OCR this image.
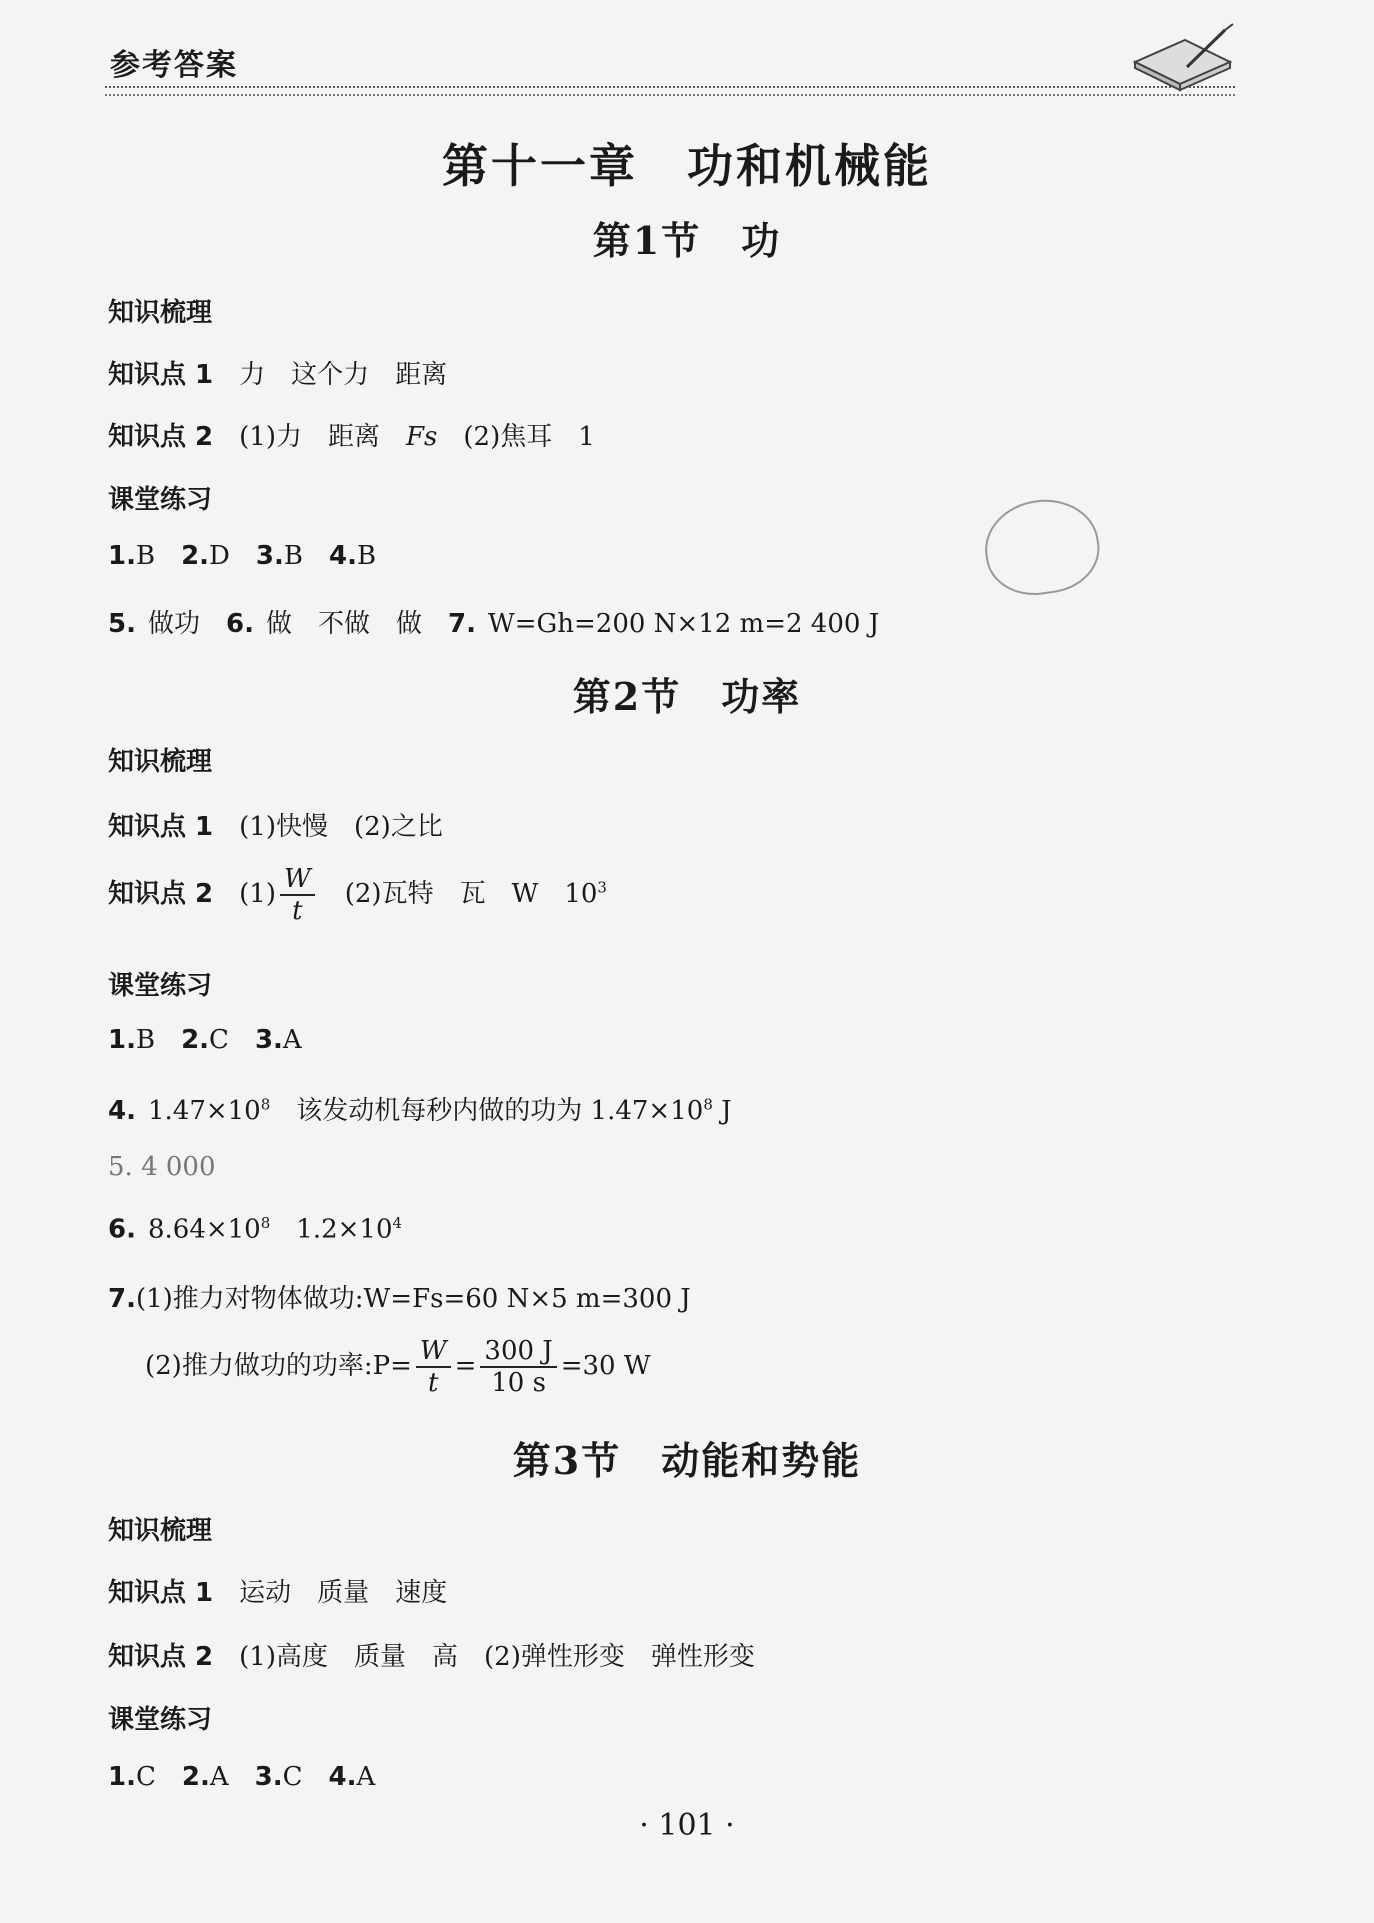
参考答案
第十一章　功和机械能
第1节　功
知识梳理
知识点 1 力 这个力 距离
知识点 2 (1)力 距离 Fs (2)焦耳 1
课堂练习
1.B 2.D 3.B 4.B
5. 做功 6. 做 不做 做 7. W=Gh=200 N×12 m=2 400 J
第2节　功率
知识梳理
知识点 1 (1)快慢 (2)之比
知识点 2 $(1) \frac{W}{t} (2)$瓦特 瓦 W $10^3$
课堂练习
1.B 2.C 3.A
4. $1.47\times 10^8$ 该发动机每秒内做的功为 $1.47\times 10^8$ J
5. 4 000
6. $8.64\times 10^8$ $1.2\times 10^4$
7.(1)推力对物体做功:W=Fs=60 N×5 m=300 J
(2)推力做功的功率:P= $\frac{W}{t} = \frac{300 J}{10 s} =30$ W
第3节　动能和势能
知识梳理
知识点 1 运动 质量 速度
知识点 2 (1)高度 质量 高 (2)弹性形变 弹性形变
课堂练习
1.C 2.A 3.C 4.A
· 101 ·
